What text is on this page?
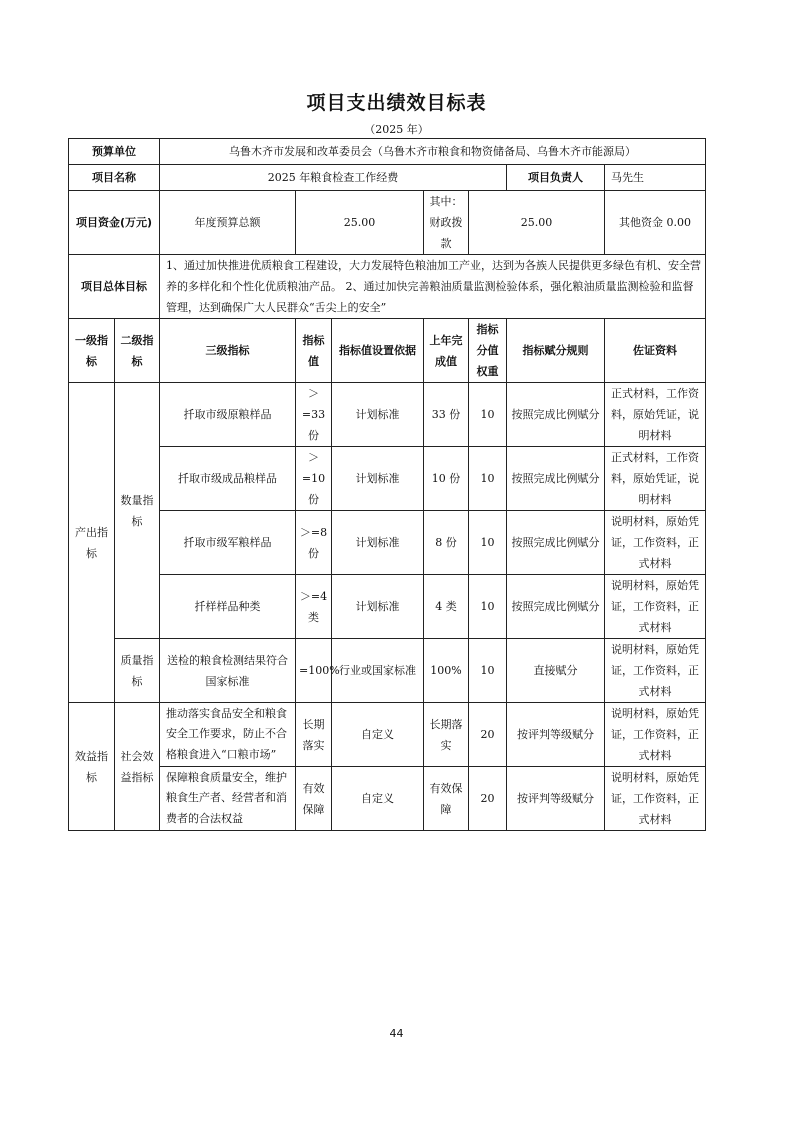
项目支出绩效目标表
（2025 年）
预算单位		乌鲁木齐市发展和改革委员会（乌鲁木齐市粮食和物资储备局、乌鲁木齐市能源局）						
项目名称		2025 年粮食检查工作经费					项目负责人	马先生
项目资金(万元)		年度预算总额	25.00		其中：财政拨款	25.00		其他资金 0.00
项目总体目标		1、通过加快推进优质粮食工程建设，大力发展特色粮油加工产业，达到为各族人民提供更多绿色有机、安全营养的多样化和个性化优质粮油产品。 2、通过加快完善粮油质量监测检验体系，强化粮油质量监测检验和监督管理，达到确保广大人民群众“舌尖上的安全”						
一级指标	二级指标	三级指标	指标值	指标值设置依据	上年完成值	指标分值权重	指标赋分规则	佐证资料
产出指标	数量指标	扦取市级原粮样品	＞=33 份	计划标准	33 份	10	按照完成比例赋分	正式材料，工作资料，原始凭证，说明材料
		扦取市级成品粮样品	＞=10 份	计划标准	10 份	10	按照完成比例赋分	正式材料，工作资料，原始凭证，说明材料
		扦取市级军粮样品	＞=8 份	计划标准	8 份	10	按照完成比例赋分	说明材料，原始凭证，工作资料，正式材料
		扦样样品种类	＞=4 类	计划标准	4 类	10	按照完成比例赋分	说明材料，原始凭证，工作资料，正式材料
	质量指标	送检的粮食检测结果符合国家标准	=100%	行业或国家标准	100%	10	直接赋分	说明材料，原始凭证，工作资料，正式材料
效益指标	社会效益指标	推动落实食品安全和粮食安全工作要求，防止不合格粮食进入“口粮市场”	长期落实	自定义	长期落实	20	按评判等级赋分	说明材料，原始凭证，工作资料，正式材料
		保障粮食质量安全，维护粮食生产者、经营者和消费者的合法权益	有效保障	自定义	有效保障	20	按评判等级赋分	说明材料，原始凭证，工作资料，正式材料
44
